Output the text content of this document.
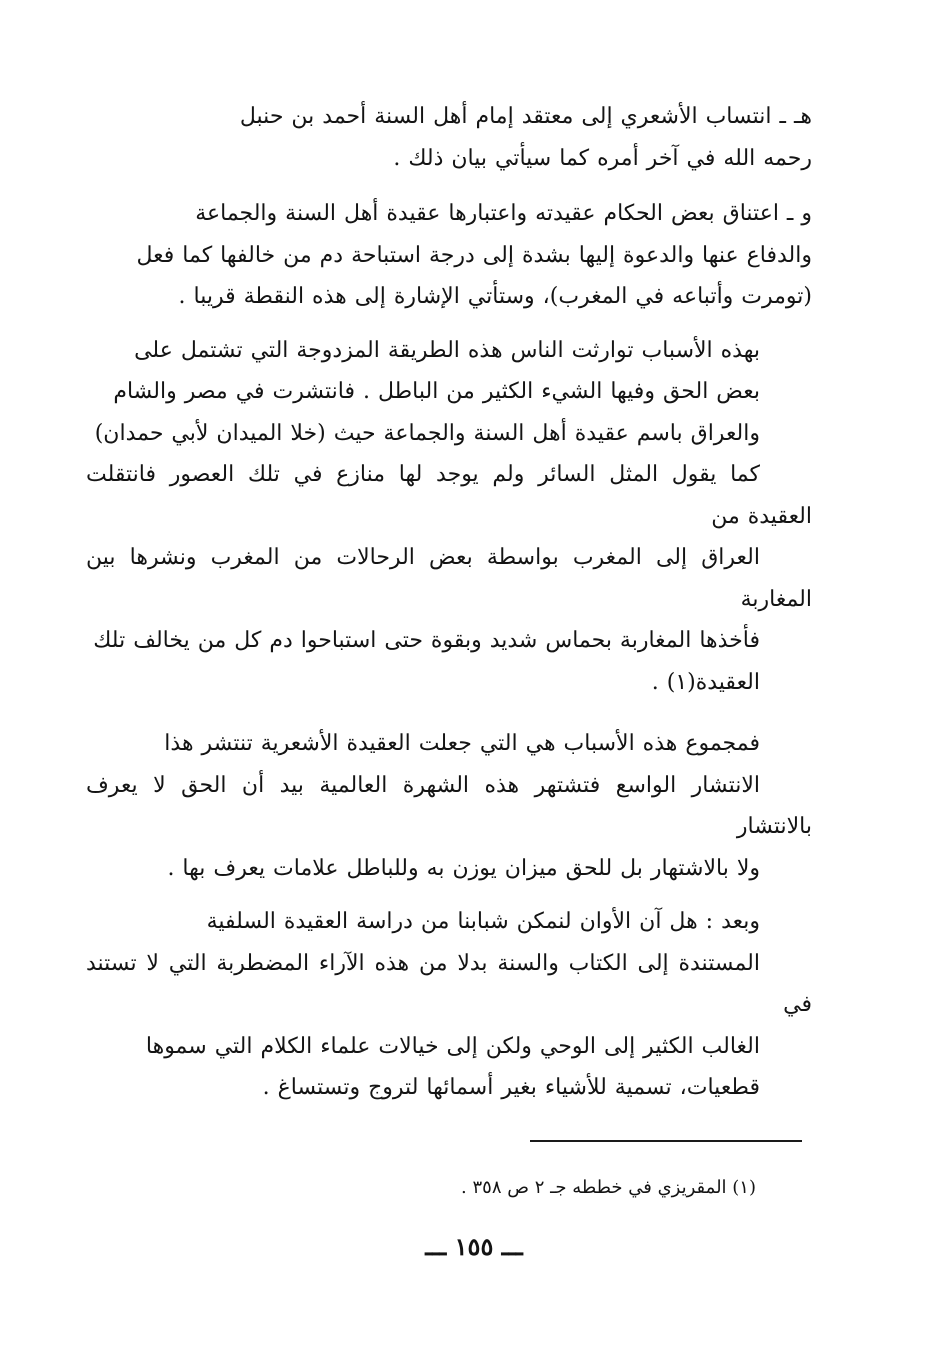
هـ ـ انتساب الأشعري إلى معتقد إمام أهل السنة أحمد بن حنبل
رحمه الله في آخر أمره كما سيأتي بيان ذلك .

و ـ اعتناق بعض الحكام عقيدته واعتبارها عقيدة أهل السنة والجماعة
والدفاع عنها والدعوة إليها بشدة إلى درجة استباحة دم من خالفها كما فعل
(تومرت وأتباعه في المغرب)، وستأتي الإشارة إلى هذه النقطة قريبا .

بهذه الأسباب توارثت الناس هذه الطريقة المزدوجة التي تشتمل على
بعض الحق وفيها الشيء الكثير من الباطل . فانتشرت في مصر والشام
والعراق باسم عقيدة أهل السنة والجماعة حيث (خلا الميدان لأبي حمدان)
كما يقول المثل السائر ولم يوجد لها منازع في تلك العصور فانتقلت العقيدة من
العراق إلى المغرب بواسطة بعض الرحالات من المغرب ونشرها بين المغاربة
فأخذها المغاربة بحماس شديد وبقوة حتى استباحوا دم كل من يخالف تلك
العقيدة(١) .

فمجموع هذه الأسباب هي التي جعلت العقيدة الأشعرية تنتشر هذا
الانتشار الواسع فتشتهر هذه الشهرة العالمية بيد أن الحق لا يعرف بالانتشار
ولا بالاشتهار بل للحق ميزان يوزن به وللباطل علامات يعرف بها .

وبعد : هل آن الأوان لنمكن شبابنا من دراسة العقيدة السلفية
المستندة إلى الكتاب والسنة بدلا من هذه الآراء المضطربة التي لا تستند في
الغالب الكثير إلى الوحي ولكن إلى خيالات علماء الكلام التي سموها
قطعيات، تسمية للأشياء بغير أسمائها لتروج وتستساغ .

(١) المقريزي في خططه جـ ٢ ص ٣٥٨ .
ـــ ١٥٥ ـــ
